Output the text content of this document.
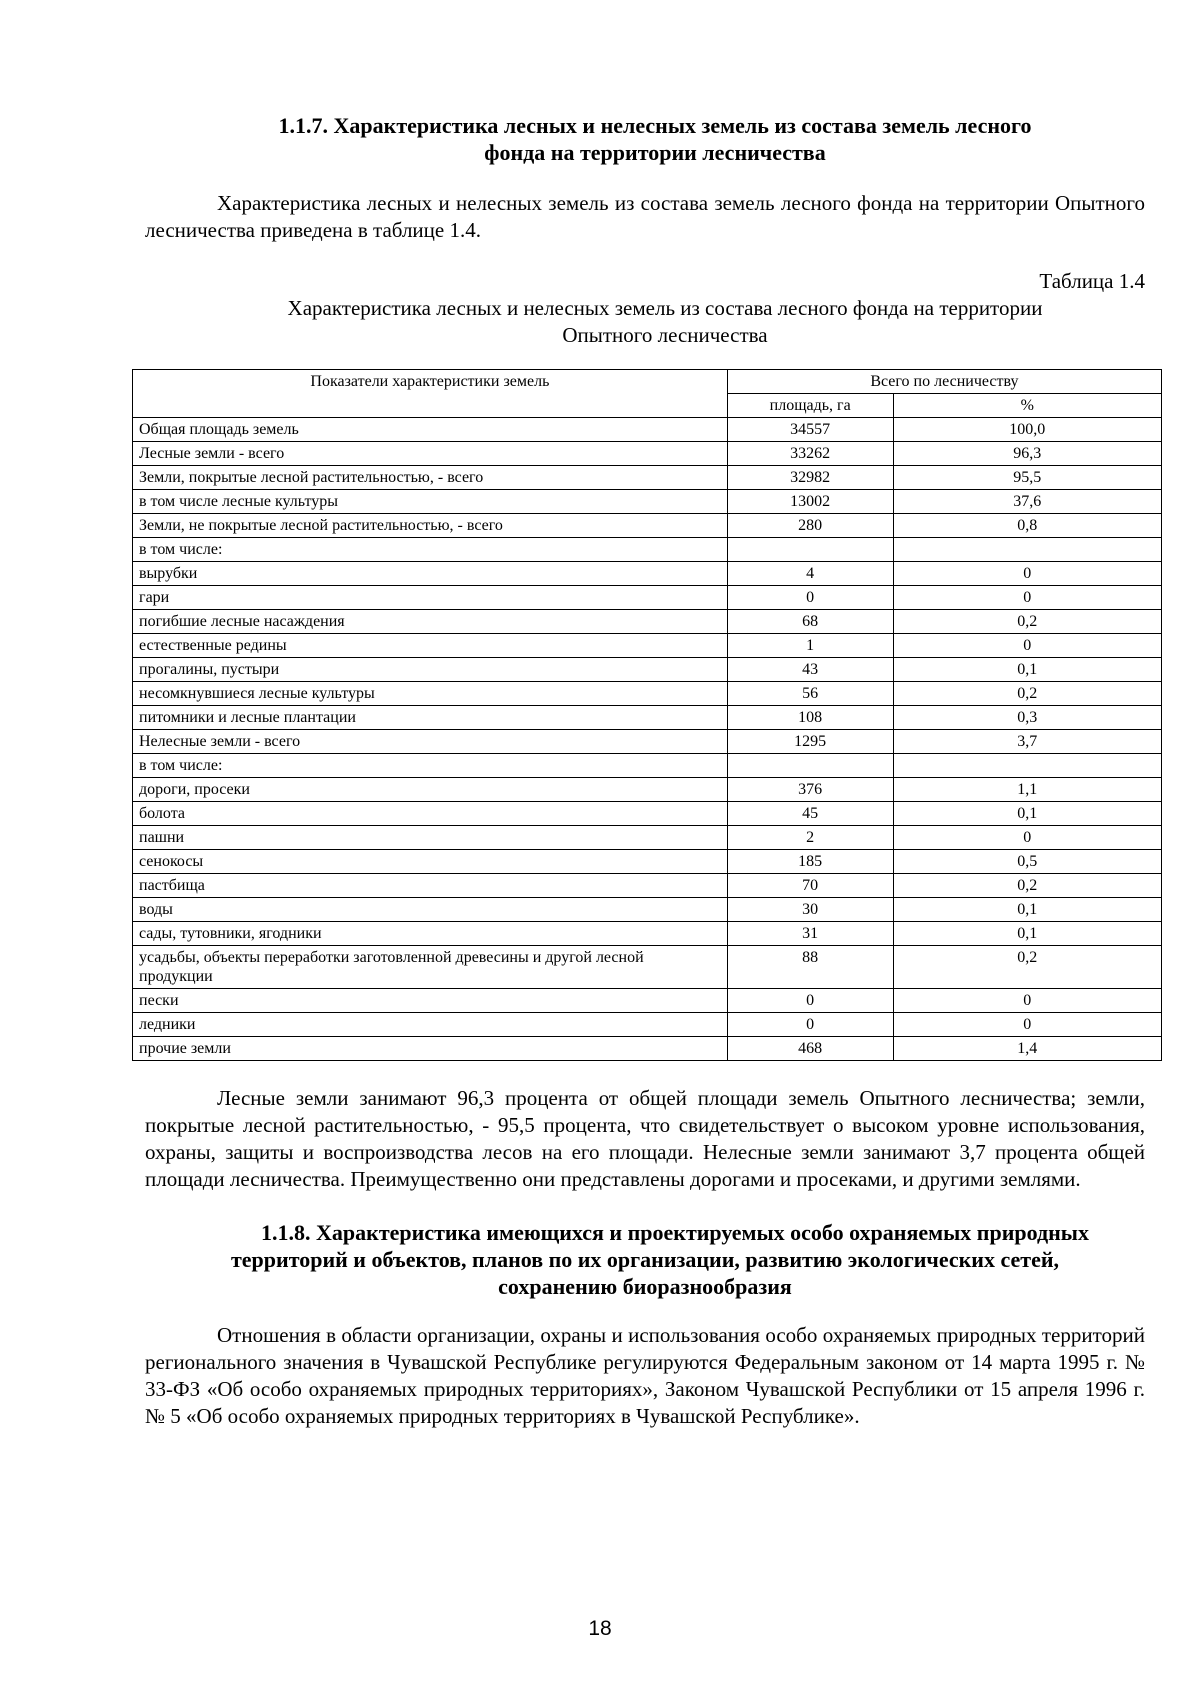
1.1.7. Характеристика лесных и нелесных земель из состава земель лесного
фонда на территории лесничества

Характеристика лесных и нелесных земель из состава земель лесного фонда на территории Опытного лесничества приведена в таблице 1.4.

Таблица 1.4

Характеристика лесных и нелесных земель из состава лесного фонда на территории
Опытного лесничества

Показатели характеристики земель	Всего по лесничеству	
	площадь, га	%
Общая площадь земель	34557	100,0
Лесные земли - всего	33262	96,3
Земли, покрытые лесной растительностью, - всего	32982	95,5
в том числе лесные культуры	13002	37,6
Земли, не покрытые лесной растительностью, - всего	280	0,8
в том числе:		
вырубки	4	0
гари	0	0
погибшие лесные насаждения	68	0,2
естественные редины	1	0
прогалины, пустыри	43	0,1
несомкнувшиеся лесные культуры	56	0,2
питомники и лесные плантации	108	0,3
Нелесные земли - всего	1295	3,7
в том числе:		
дороги, просеки	376	1,1
болота	45	0,1
пашни	2	0
сенокосы	185	0,5
пастбища	70	0,2
воды	30	0,1
сады, тутовники, ягодники	31	0,1
усадьбы, объекты переработки заготовленной древесины и другой лесной продукции	88	0,2
пески	0	0
ледники	0	0
прочие земли	468	1,4

Лесные земли занимают 96,3 процента от общей площади земель Опытного лесничества; земли, покрытые лесной растительностью, - 95,5 процента, что свидетельствует о высоком уровне использования, охраны, защиты и воспроизводства лесов на его площади. Нелесные земли занимают 3,7 процента общей площади лесничества. Преимущественно они представлены дорогами и просеками, и другими землями.

1.1.8. Характеристика имеющихся и проектируемых особо охраняемых природных
территорий и объектов, планов по их организации, развитию экологических сетей,
сохранению биоразнообразия

Отношения в области организации, охраны и использования особо охраняемых природных территорий регионального значения в Чувашской Республике регулируются Федеральным законом от 14 марта 1995 г. № 33-ФЗ «Об особо охраняемых природных территориях», Законом Чувашской Республики от 15 апреля 1996 г. № 5 «Об особо охраняемых природных территориях в Чувашской Республике».

18
